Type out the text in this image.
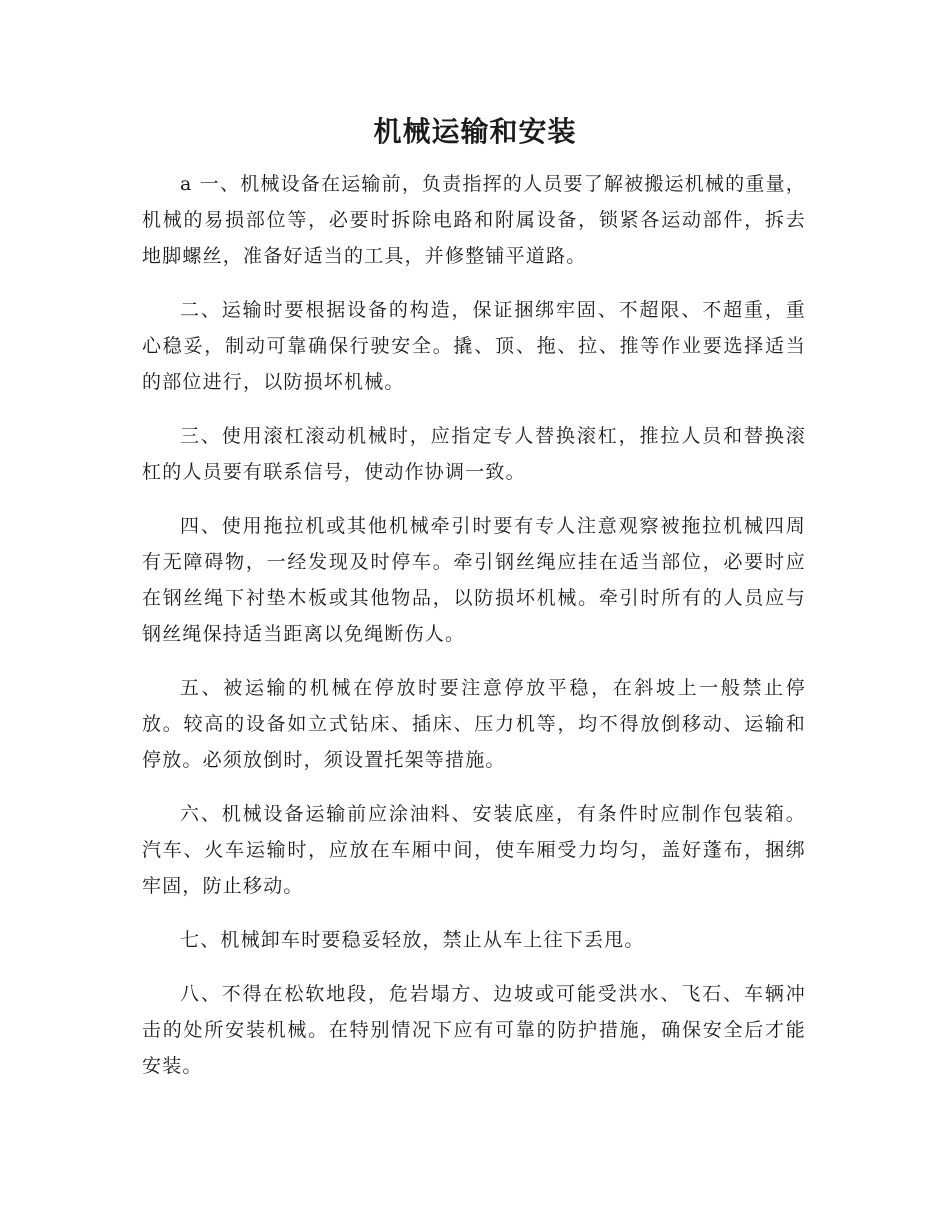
机械运输和安装

a 一、机械设备在运输前，负责指挥的人员要了解被搬运机械的重量，机械的易损部位等，必要时拆除电路和附属设备，锁紧各运动部件，拆去地脚螺丝，准备好适当的工具，并修整铺平道路。

二、运输时要根据设备的构造，保证捆绑牢固、不超限、不超重，重心稳妥，制动可靠确保行驶安全。撬、顶、拖、拉、推等作业要选择适当的部位进行，以防损坏机械。

三、使用滚杠滚动机械时，应指定专人替换滚杠，推拉人员和替换滚杠的人员要有联系信号，使动作协调一致。

四、使用拖拉机或其他机械牵引时要有专人注意观察被拖拉机械四周有无障碍物，一经发现及时停车。牵引钢丝绳应挂在适当部位，必要时应在钢丝绳下衬垫木板或其他物品，以防损坏机械。牵引时所有的人员应与钢丝绳保持适当距离以免绳断伤人。

五、被运输的机械在停放时要注意停放平稳，在斜坡上一般禁止停放。较高的设备如立式钻床、插床、压力机等，均不得放倒移动、运输和停放。必须放倒时，须设置托架等措施。

六、机械设备运输前应涂油料、安装底座，有条件时应制作包装箱。汽车、火车运输时，应放在车厢中间，使车厢受力均匀，盖好蓬布，捆绑牢固，防止移动。

七、机械卸车时要稳妥轻放，禁止从车上往下丢甩。

八、不得在松软地段，危岩塌方、边坡或可能受洪水、飞石、车辆冲击的处所安装机械。在特别情况下应有可靠的防护措施，确保安全后才能安装。
